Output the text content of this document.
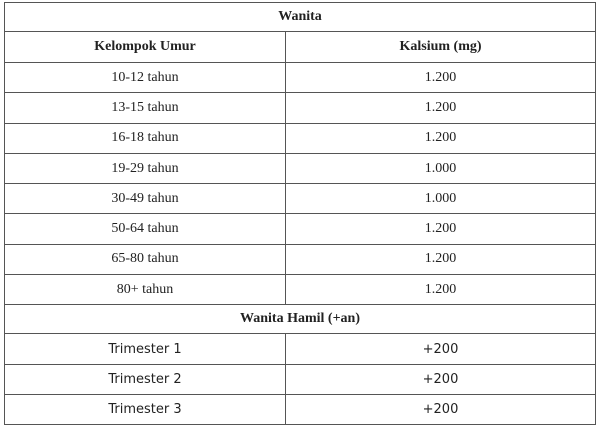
Wanita	
Kelompok Umur	Kalsium (mg)
10-12 tahun	1.200
13-15 tahun	1.200
16-18 tahun	1.200
19-29 tahun	1.000
30-49 tahun	1.000
50-64 tahun	1.200
65-80 tahun	1.200
80+ tahun	1.200
Wanita Hamil (+an)	
Trimester 1	+200
Trimester 2	+200
Trimester 3	+200
